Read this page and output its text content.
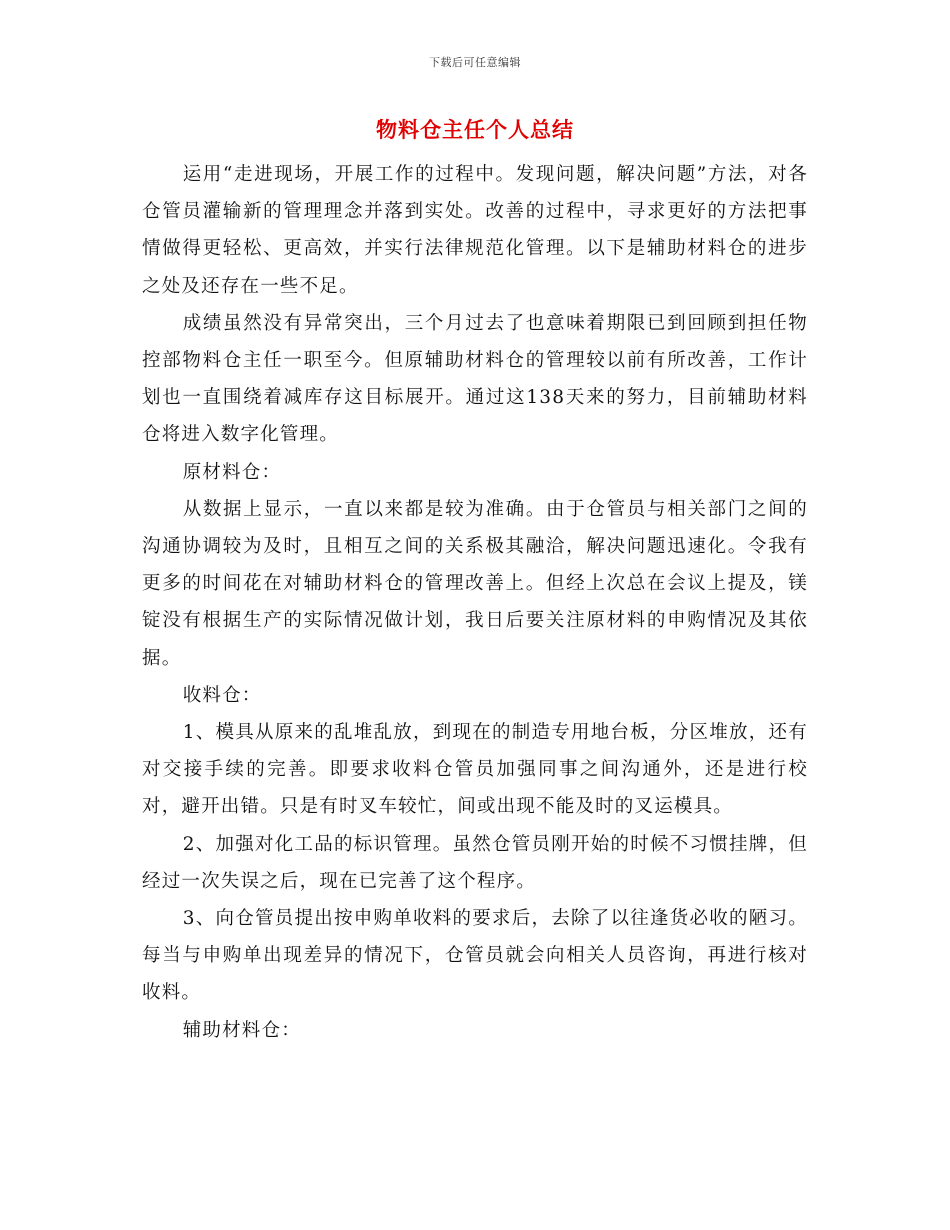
下载后可任意编辑
物料仓主任个人总结

运用“走进现场，开展工作的过程中。发现问题，解决问题”方法，对各仓管员灌输新的管理理念并落到实处。改善的过程中，寻求更好的方法把事情做得更轻松、更高效，并实行法律规范化管理。以下是辅助材料仓的进步之处及还存在一些不足。

成绩虽然没有异常突出，三个月过去了也意味着期限已到回顾到担任物控部物料仓主任一职至今。但原辅助材料仓的管理较以前有所改善，工作计划也一直围绕着减库存这目标展开。通过这138天来的努力，目前辅助材料仓将进入数字化管理。

原材料仓：

从数据上显示，一直以来都是较为准确。由于仓管员与相关部门之间的沟通协调较为及时，且相互之间的关系极其融洽，解决问题迅速化。令我有更多的时间花在对辅助材料仓的管理改善上。但经上次总在会议上提及，镁锭没有根据生产的实际情况做计划，我日后要关注原材料的申购情况及其依据。

收料仓：

1、模具从原来的乱堆乱放，到现在的制造专用地台板，分区堆放，还有对交接手续的完善。即要求收料仓管员加强同事之间沟通外，还是进行校对，避开出错。只是有时叉车较忙，间或出现不能及时的叉运模具。

2、加强对化工品的标识管理。虽然仓管员刚开始的时候不习惯挂牌，但经过一次失误之后，现在已完善了这个程序。

3、向仓管员提出按申购单收料的要求后，去除了以往逢货必收的陋习。每当与申购单出现差异的情况下，仓管员就会向相关人员咨询，再进行核对收料。

辅助材料仓：
